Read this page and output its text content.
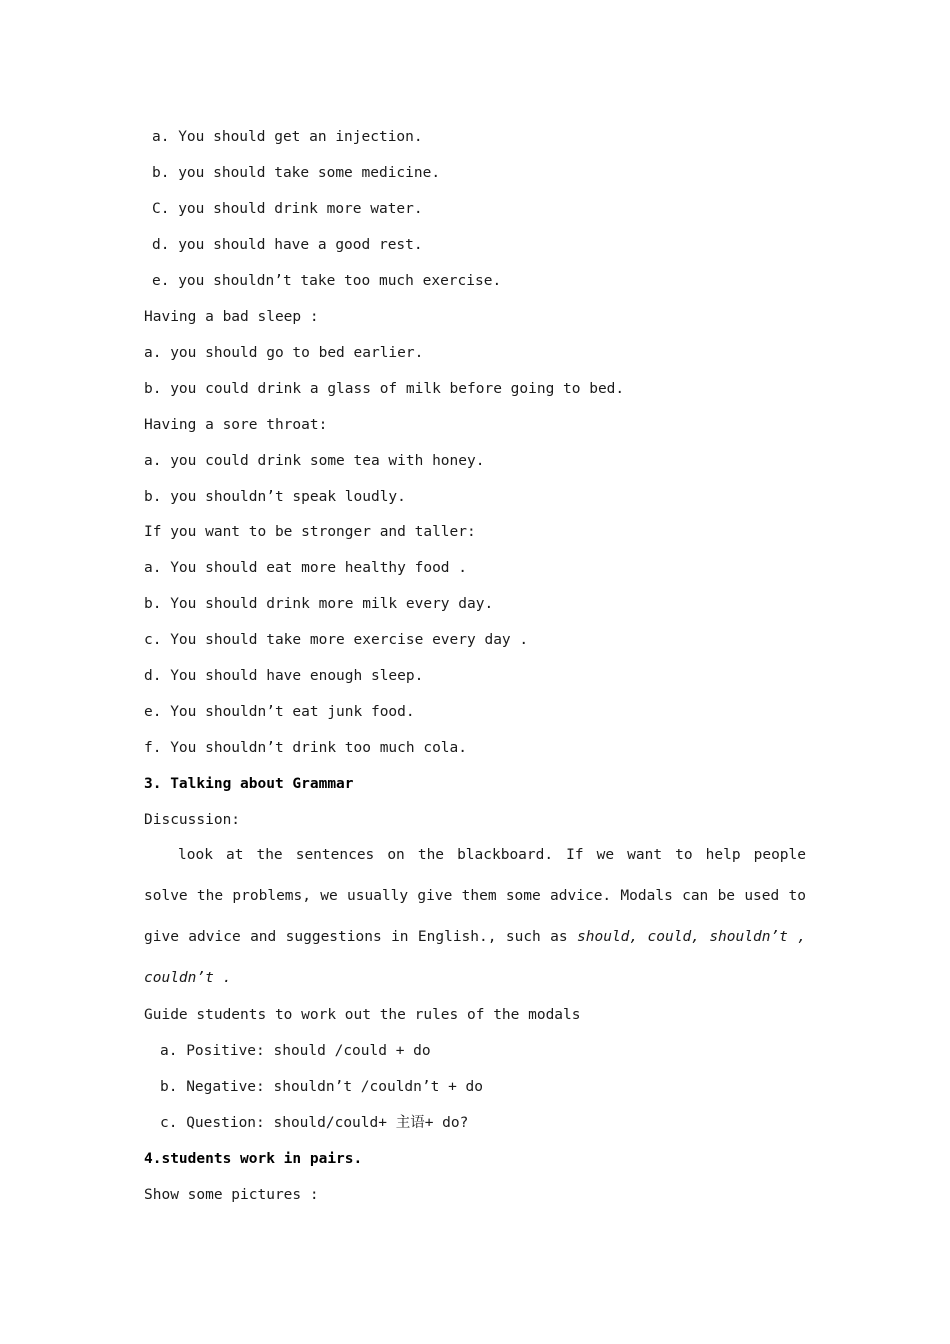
a. You should get an injection.
b. you should take some medicine.
C. you should drink more water.
d. you should have a good rest.
e. you shouldn’t take too much exercise.
Having a bad sleep :
a. you should go to bed earlier.
b. you could drink a glass of milk before going to bed.
Having a sore throat:
a. you could drink some tea with honey.
b. you shouldn’t speak loudly.
If you want to be stronger and taller:
a. You should eat more healthy food .
b. You should drink more milk every day.
c. You should take more exercise every day .
d. You should have enough sleep.
e. You shouldn’t eat junk food.
f. You shouldn’t drink too much cola.
3. Talking about Grammar
Discussion:
look at the sentences on the blackboard. If we want to help people solve the problems, we usually give them some advice. Modals can be used to give advice and suggestions in English., such as should, could, shouldn’t , couldn’t .
Guide students to work out the rules of the modals
a. Positive: should /could + do
b. Negative: shouldn’t /couldn’t + do
c. Question: should/could+ 主语+ do?
4.students work in pairs.
Show some pictures :
